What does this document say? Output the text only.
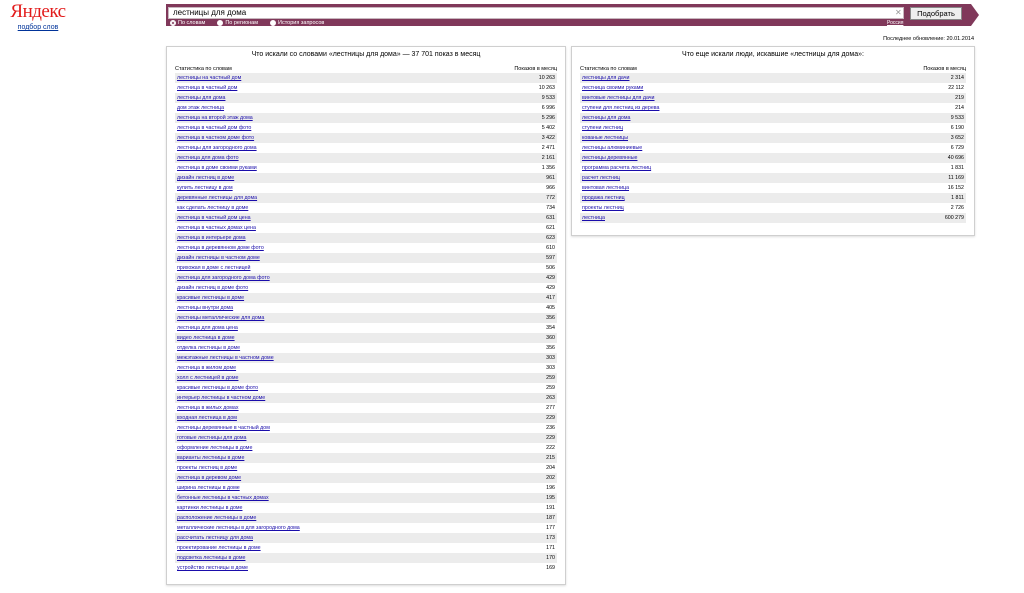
Яндекс
подбор слов
лестницы для дома	✕	Подобрать
Россия
По словам	По регионам	История запросов
Последнее обновление: 20.01.2014
Что искали со словами «лестницы для дома» — 37 701 показ в месяц
Статистика по словам	Показов в месяц
лестницы на частный дом	10 263
лестница в частный дом	10 263
лестницы для дома	9 533
дом этаж лестница	6 996
лестница на второй этаж дома	5 296
лестница в частный дом фото	5 402
лестница в частном доме фото	3 422
лестницы для загородного дома	2 471
лестница для дома фото	2 161
лестница в доме своими руками	1 356
дизайн лестниц в доме	961
купить лестницу в дом	966
деревянные лестницы для дома	772
как сделать лестницу в доме	734
лестница в частный дом цена	631
лестница в частных домах цена	621
лестница в интерьере дома	623
лестница в деревянном доме фото	610
дизайн лестницы в частном доме	597
прихожая в доме с лестницей	506
лестница для загородного дома фото	429
дизайн лестниц в доме фото	429
красивые лестницы в доме	417
лестницы внутри дома	405
лестницы металлические для дома	356
лестница для дома цена	354
видео лестница в доме	360
отделка лестницы в доме	356
межэтажные лестницы в частном доме	303
лестница в жилом доме	303
холл с лестницей в доме	259
красивые лестницы в доме фото	259
интерьер лестницы в частном доме	263
лестница в жилых домах	277
входная лестница в дом	229
лестницы деревянные в частный дом	236
готовые лестницы для дома	229
оформление лестницы в доме	222
варианты лестницы в доме	215
проекты лестниц в доме	204
лестница в деревом доме	202
ширина лестницы в доме	196
бетонные лестницы в частных домах	195
картинки лестницы в доме	191
расположение лестницы в доме	187
металлические лестницы в для загородного дома	177
рассчитать лестницу для дома	173
проектирование лестницы в доме	171
подсветка лестницы в доме	170
устройство лестницы в доме	169
Что еще искали люди, искавшие «лестницы для дома»:
Статистика по словам	Показов в месяц
лестницы для дачи	2 314
лестница своими руками	22 112
винтовые лестницы для дачи	219
ступени для лестниц из дерева	214
лестницы для дома	9 533
ступени лестниц	6 190
кованые лестницы	3 652
лестницы алюминиевые	6 729
лестницы деревянные	40 696
программа расчета лестниц	1 831
расчет лестниц	11 169
винтовая лестница	16 152
продажа лестниц	1 811
проекты лестниц	2 726
лестница	600 279
